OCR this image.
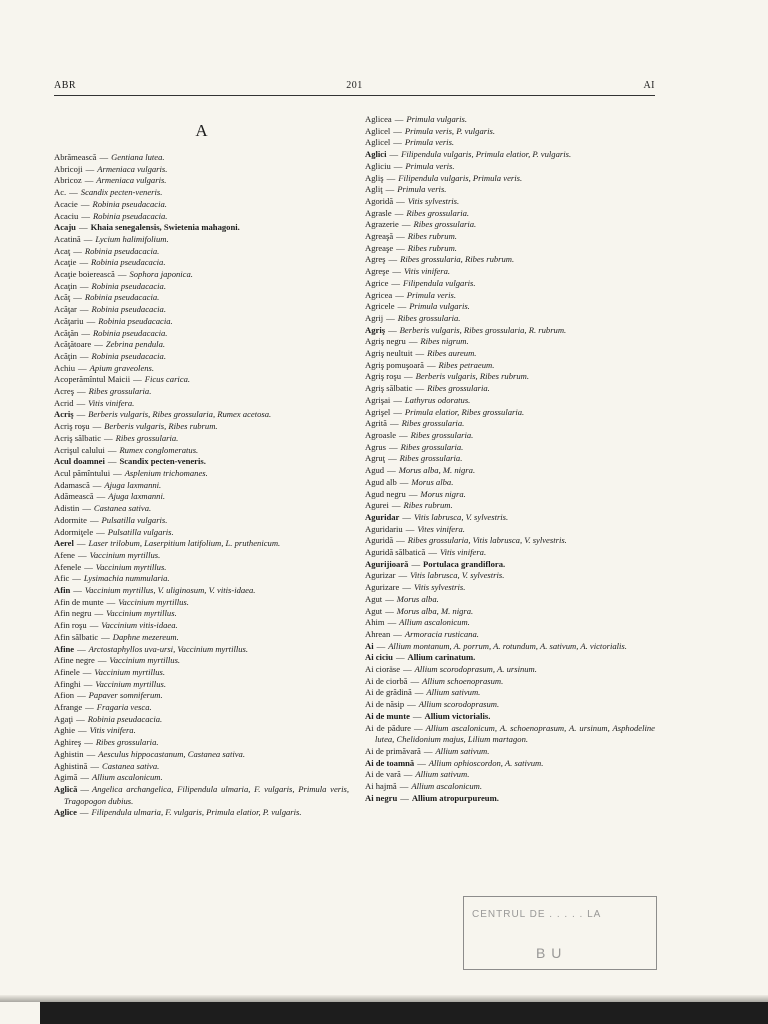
ABR	201	AI
A
Abrămească — Gentiana lutea.
Abricoji — Armeniaca vulgaris.
Abricoz — Armeniaca vulgaris.
Ac. — Scandix pecten-veneris.
Acacie — Robinia pseudacacia.
Acaciu — Robinia pseudacacia.
Acaju — Khaia senegalensis, Swietenia mahagoni.
Acatină — Lycium halimifolium.
Acaţ — Robinia pseudacacia.
Acaţie — Robinia pseudacacia.
Acaţie boierească — Sophora japonica.
Acaţin — Robinia pseudacacia.
Acăţ — Robinia pseudacacia.
Acăţar — Robinia pseudacacia.
Acăţariu — Robinia pseudacacia.
Acăţăn — Robinia pseudacacia.
Acăţătoare — Zebrina pendula.
Acăţin — Robinia pseudacacia.
Achiu — Apium graveolens.
Acoperămîntul Maicii — Ficus carica.
Acreş — Ribes grossularia.
Acrid — Vitis vinifera.
Acriş — Berberis vulgaris, Ribes grossularia, Rumex acetosa.
Acriş roşu — Berberis vulgaris, Ribes rubrum.
Acriş sălbatic — Ribes grossularia.
Acrişul calului — Rumex conglomeratus.
Acul doamnei — Scandix pecten-veneris.
Acul pămîntului — Asplenium trichomanes.
Adamască — Ajuga laxmanni.
Adămească — Ajuga laxmanni.
Adistin — Castanea sativa.
Adormite — Pulsatilla vulgaris.
Adormiţele — Pulsatilla vulgaris.
Aerel — Laser trilobum, Laserpitium latifolium, L. pruthenicum.
Afene — Vaccinium myrtillus.
Afenele — Vaccinium myrtillus.
Afic — Lysimachia nummularia.
Afin — Vaccinium myrtillus, V. uliginosum, V. vitis-idaea.
Afin de munte — Vaccinium myrtillus.
Afin negru — Vaccinium myrtillus.
Afin roşu — Vaccinium vitis-idaea.
Afin sălbatic — Daphne mezereum.
Afine — Arctostaphyllos uva-ursi, Vaccinium myrtillus.
Afine negre — Vaccinium myrtillus.
Afinele — Vaccinium myrtillus.
Afinghi — Vaccinium myrtillus.
Afion — Papaver somniferum.
Afrange — Fragaria vesca.
Agaţi — Robinia pseudacacia.
Aghie — Vitis vinifera.
Aghireş — Ribes grossularia.
Aghistin — Aesculus hippocastanum, Castanea sativa.
Aghistină — Castanea sativa.
Agimă — Allium ascalonicum.
Aglică — Angelica archangelica, Filipendula ulmaria, F. vulgaris, Primula veris, Tragopogon dubius.
Aglice — Filipendula ulmaria, F. vulgaris, Primula elatior, P. vulgaris.
Aglicea — Primula vulgaris.
Aglicel — Primula veris, P. vulgaris.
Aglicel — Primula veris.
Aglici — Filipendula vulgaris, Primula elatior, P. vulgaris.
Agliciu — Primula veris.
Agliş — Filipendula vulgaris, Primula veris.
Agliţ — Primula veris.
Agoridă — Vitis sylvestris.
Agrasle — Ribes grossularia.
Agrazerie — Ribes grossularia.
Agreaşă — Ribes rubrum.
Agreaşe — Ribes rubrum.
Agreş — Ribes grossularia, Ribes rubrum.
Agreşe — Vitis vinifera.
Agrice — Filipendula vulgaris.
Agricea — Primula veris.
Agricele — Primula vulgaris.
Agrij — Ribes grossularia.
Agriş — Berberis vulgaris, Ribes grossularia, R. rubrum.
Agriş negru — Ribes nigrum.
Agriş neultuit — Ribes aureum.
Agriş pomuşoară — Ribes petraeum.
Agriş roşu — Berberis vulgaris, Ribes rubrum.
Agriş sălbatic — Ribes grossularia.
Agrişai — Lathyrus odoratus.
Agrişel — Primula elatior, Ribes grossularia.
Agrită — Ribes grossularia.
Agroasle — Ribes grossularia.
Agrus — Ribes grossularia.
Agruţ — Ribes grossularia.
Agud — Morus alba, M. nigra.
Agud alb — Morus alba.
Agud negru — Morus nigra.
Agurei — Ribes rubrum.
Aguridar — Vitis labrusca, V. sylvestris.
Aguridariu — Vites vinifera.
Aguridă — Ribes grossularia, Vitis labrusca, V. sylvestris.
Aguridă sălbatică — Vitis vinifera.
Agurijioară — Portulaca grandiflora.
Agurizar — Vitis labrusca, V. sylvestris.
Agurizare — Vitis sylvestris.
Agut — Morus alba.
Agut — Morus alba, M. nigra.
Ahim — Allium ascalonicum.
Ahrean — Armoracia rusticana.
Ai — Allium montanum, A. porrum, A. rotundum, A. sativum, A. victorialis.
Ai ciciu — Allium carinatum.
Ai cioräse — Allium scorodoprasum, A. ursinum.
Ai de ciorbă — Allium schoenoprasum.
Ai de grădină — Allium sativum.
Ai de năsip — Allium scorodoprasum.
Ai de munte — Allium victorialis.
Ai de pădure — Allium ascalonicum, A. schoenoprasum, A. ursinum, Asphodeline lutea, Chelidonium majus, Lilium martagon.
Ai de primăvară — Allium sativum.
Ai de toamnă — Allium ophioscordon, A. sativum.
Ai de vară — Allium sativum.
Ai hajmă — Allium ascalonicum.
Ai negru — Allium atropurpureum.
CENTRUL DE . . . . . LA
B U
